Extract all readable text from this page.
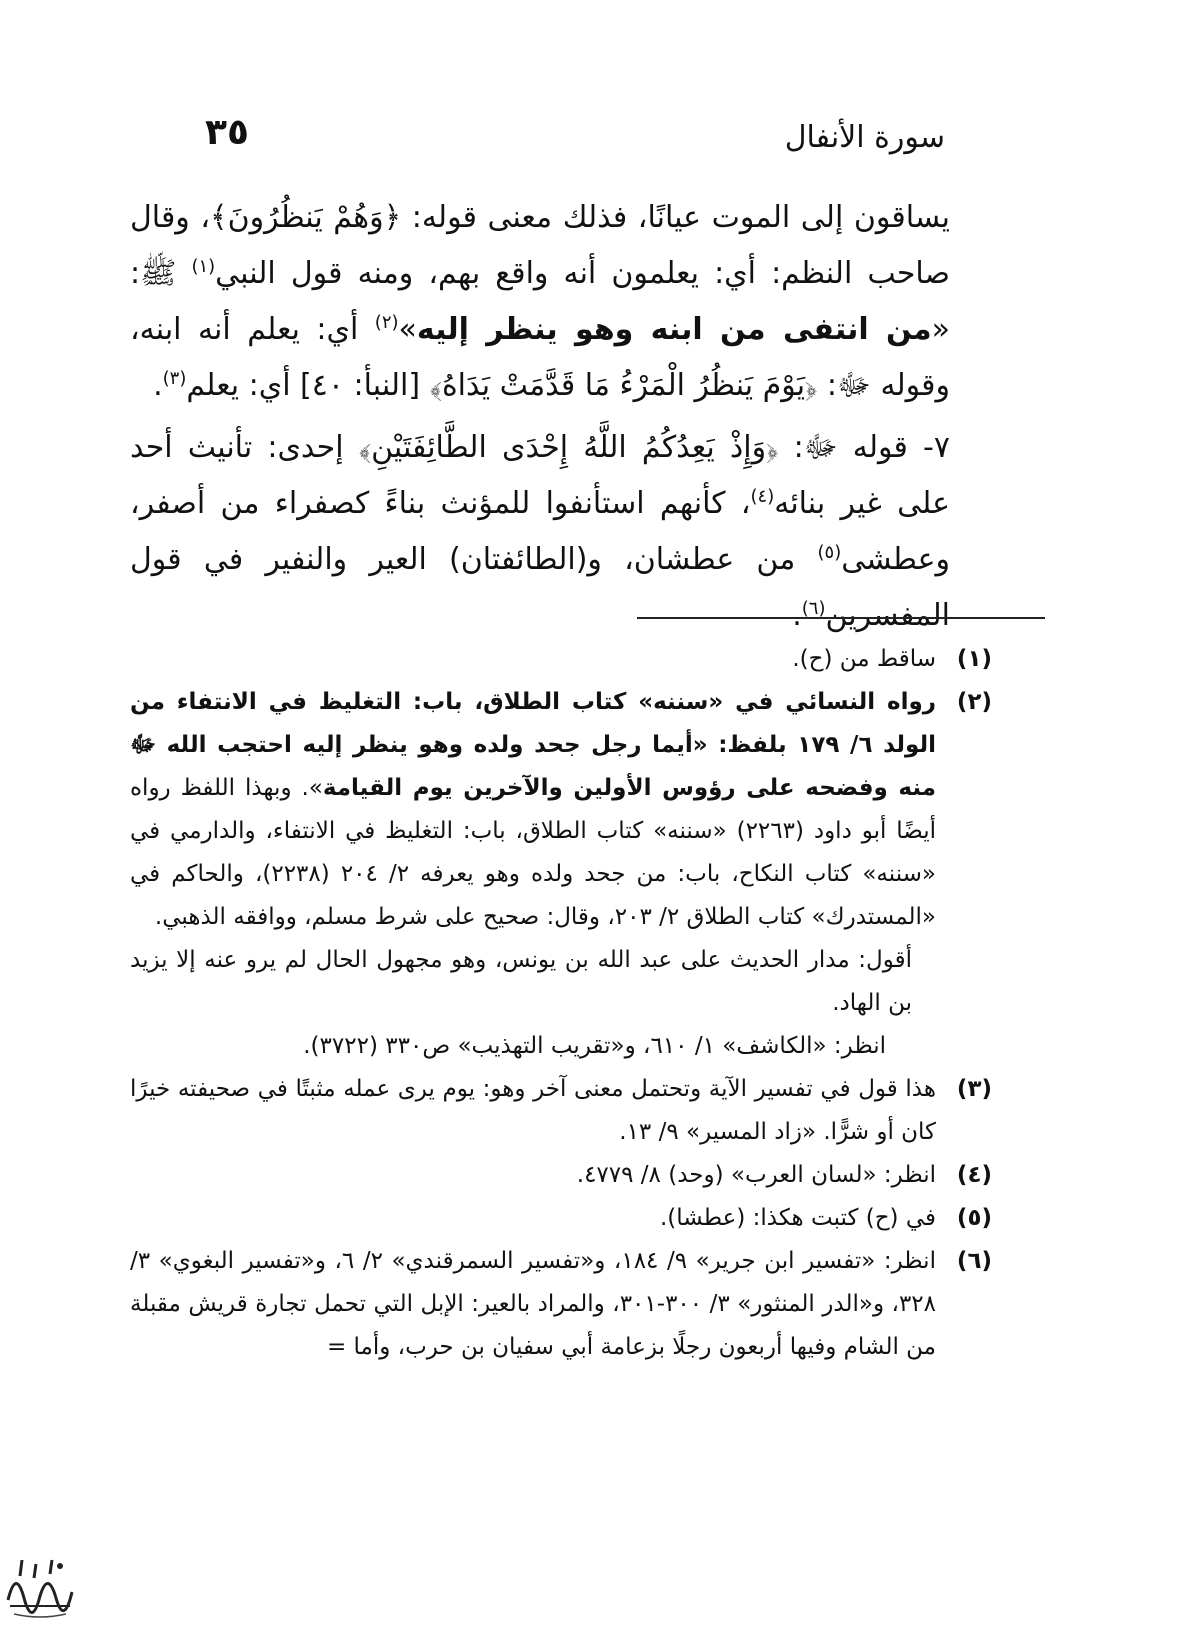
سورة الأنفال
٣٥

يساقون إلى الموت عيانًا، فذلك معنى قوله: ﴿وَهُمْ يَنظُرُونَ﴾، وقال صاحب النظم: أي: يعلمون أنه واقع بهم، ومنه قول النبي$^{(١)}$ ﷺ: «من انتفى من ابنه وهو ينظر إليه»$^{(٢)}$ أي: يعلم أنه ابنه، وقوله ﷻ: ﴿يَوْمَ يَنظُرُ الْمَرْءُ مَا قَدَّمَتْ يَدَاهُ﴾ [النبأ: ٤٠] أي: يعلم$^{(٣)}$.

٧- قوله ﷻ: ﴿وَإِذْ يَعِدُكُمُ اللَّهُ إِحْدَى الطَّائِفَتَيْنِ﴾ إحدى: تأنيث أحد على غير بنائه$^{(٤)}$، كأنهم استأنفوا للمؤنث بناءً كصفراء من أصفر، وعطشى$^{(٥)}$ من عطشان، و(الطائفتان) العير والنفير في قول المفسرين$^{(٦)}$.

(١)

ساقط من (ح).

(٢)

رواه النسائي في «سننه» كتاب الطلاق، باب: التغليظ في الانتفاء من الولد ٦/ ١٧٩ بلفظ: «أيما رجل جحد ولده وهو ينظر إليه احتجب الله ﷻ منه وفضحه على رؤوس الأولين والآخرين يوم القيامة». وبهذا اللفظ رواه أيضًا أبو داود (٢٢٦٣) «سننه» كتاب الطلاق، باب: التغليظ في الانتفاء، والدارمي في «سننه» كتاب النكاح، باب: من جحد ولده وهو يعرفه ٢/ ٢٠٤ (٢٢٣٨)، والحاكم في «المستدرك» كتاب الطلاق ٢/ ٢٠٣، وقال: صحيح على شرط مسلم، ووافقه الذهبي.

أقول: مدار الحديث على عبد الله بن يونس، وهو مجهول الحال لم يرو عنه إلا يزيد بن الهاد.

انظر: «الكاشف» ١/ ٦١٠، و«تقريب التهذيب» ص٣٣٠ (٣٧٢٢).

(٣)

هذا قول في تفسير الآية وتحتمل معنى آخر وهو: يوم يرى عمله مثبتًا في صحيفته خيرًا كان أو شرًّا. «زاد المسير» ٩/ ١٣.

(٤)

انظر: «لسان العرب» (وحد) ٨/ ٤٧٧٩.

(٥)

في (ح) كتبت هكذا: (عطشا).

(٦)

انظر: «تفسير ابن جرير» ٩/ ١٨٤، و«تفسير السمرقندي» ٢/ ٦، و«تفسير البغوي» ٣/ ٣٢٨، و«الدر المنثور» ٣/ ٣٠٠-٣٠١، والمراد بالعير: الإبل التي تحمل تجارة قريش مقبلة من الشام وفيها أربعون رجلًا بزعامة أبي سفيان بن حرب، وأما =
